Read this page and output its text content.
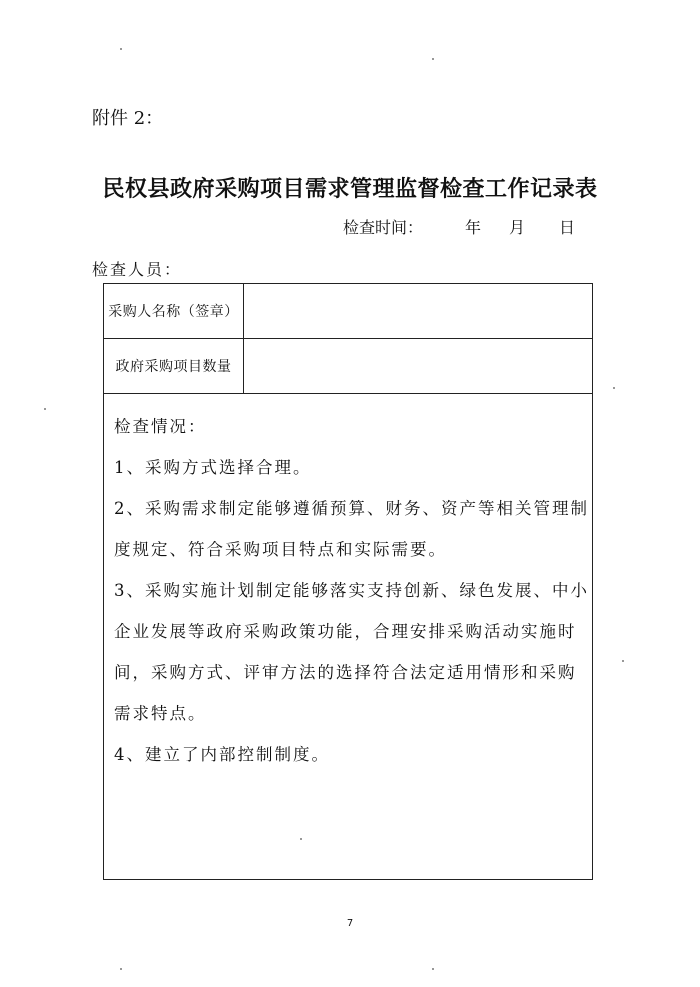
附件 2：
民权县政府采购项目需求管理监督检查工作记录表
检查时间：	年 月 日
检查人员：
采购人名称（签章）
政府采购项目数量

检查情况：

1、采购方式选择合理。

2、采购需求制定能够遵循预算、财务、资产等相关管理制

度规定、符合采购项目特点和实际需要。

3、采购实施计划制定能够落实支持创新、绿色发展、中小

企业发展等政府采购政策功能，合理安排采购活动实施时

间，采购方式、评审方法的选择符合法定适用情形和采购

需求特点。

4、建立了内部控制制度。

7
